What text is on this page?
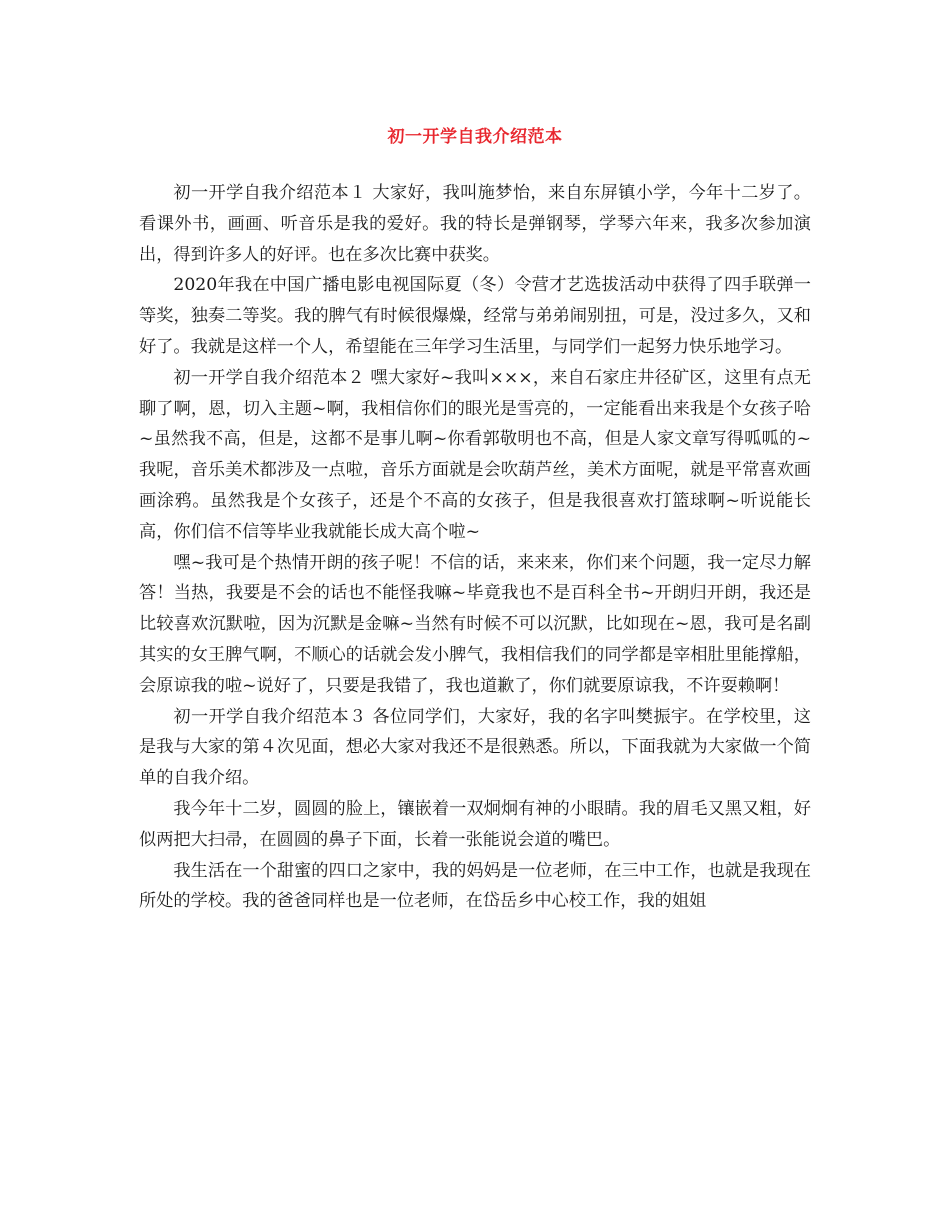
初一开学自我介绍范本

初一开学自我介绍范本１ 大家好，我叫施梦怡，来自东屏镇小学，今年十二岁了。看课外书，画画、听音乐是我的爱好。我的特长是弹钢琴，学琴六年来，我多次参加演出，得到许多人的好评。也在多次比赛中获奖。

2020年我在中国广播电影电视国际夏（冬）令营才艺选拔活动中获得了四手联弹一等奖，独奏二等奖。我的脾气有时候很爆燥，经常与弟弟闹别扭，可是，没过多久，又和好了。我就是这样一个人，希望能在三年学习生活里，与同学们一起努力快乐地学习。

初一开学自我介绍范本２ 嘿大家好~我叫×××，来自石家庄井径矿区，这里有点无聊了啊，恩，切入主题~啊，我相信你们的眼光是雪亮的，一定能看出来我是个女孩子哈~虽然我不高，但是，这都不是事儿啊~你看郭敬明也不高，但是人家文章写得呱呱的~我呢，音乐美术都涉及一点啦，音乐方面就是会吹葫芦丝，美术方面呢，就是平常喜欢画画涂鸦。虽然我是个女孩子，还是个不高的女孩子，但是我很喜欢打篮球啊~听说能长高，你们信不信等毕业我就能长成大高个啦~

嘿~我可是个热情开朗的孩子呢！不信的话，来来来，你们来个问题，我一定尽力解答！当热，我要是不会的话也不能怪我嘛~毕竟我也不是百科全书~开朗归开朗，我还是比较喜欢沉默啦，因为沉默是金嘛~当然有时候不可以沉默，比如现在~恩，我可是名副其实的女王脾气啊，不顺心的话就会发小脾气，我相信我们的同学都是宰相肚里能撑船，会原谅我的啦~说好了，只要是我错了，我也道歉了，你们就要原谅我，不许耍赖啊！

初一开学自我介绍范本３ 各位同学们，大家好，我的名字叫樊振宇。在学校里，这是我与大家的第４次见面，想必大家对我还不是很熟悉。所以，下面我就为大家做一个简单的自我介绍。

我今年十二岁，圆圆的脸上，镶嵌着一双炯炯有神的小眼睛。我的眉毛又黑又粗，好似两把大扫帚，在圆圆的鼻子下面，长着一张能说会道的嘴巴。

我生活在一个甜蜜的四口之家中，我的妈妈是一位老师，在三中工作，也就是我现在所处的学校。我的爸爸同样也是一位老师，在岱岳乡中心校工作，我的姐姐
